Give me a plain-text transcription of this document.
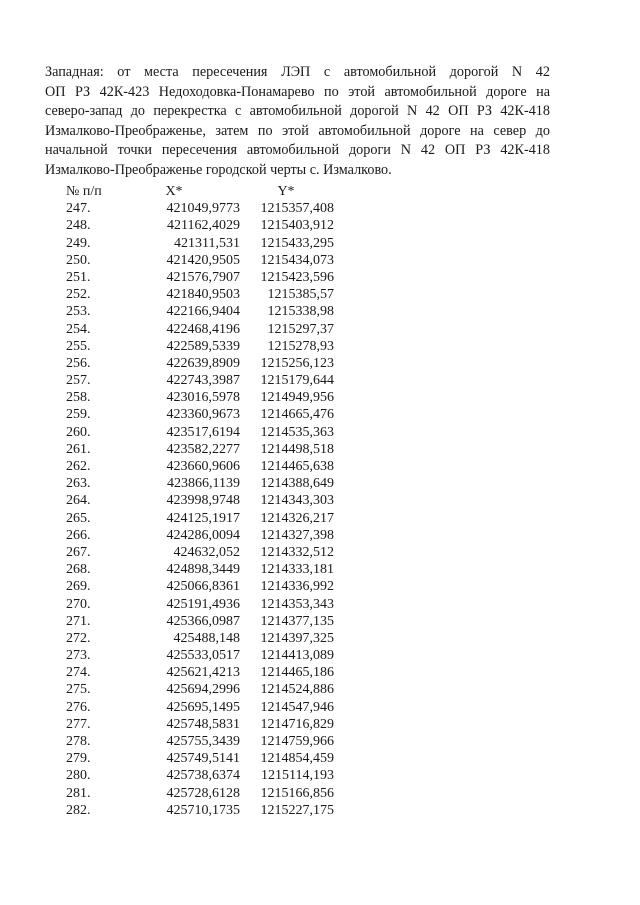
Западная: от места пересечения ЛЭП с автомобильной дорогой N 42
ОП РЗ 42К-423 Недоходовка-Понамарево по этой автомобильной дороге на
северо-запад до перекрестка с автомобильной дорогой N 42 ОП РЗ 42К-418
Измалково-Преображенье, затем по этой автомобильной дороге на север до
начальной точки пересечения автомобильной дороги N 42 ОП РЗ 42К-418
Измалково-Преображенье городской черты с. Измалково.
№ п/п	X*	Y*
247.	421049,9773	1215357,408
248.	421162,4029	1215403,912
249.	421311,531	1215433,295
250.	421420,9505	1215434,073
251.	421576,7907	1215423,596
252.	421840,9503	1215385,57
253.	422166,9404	1215338,98
254.	422468,4196	1215297,37
255.	422589,5339	1215278,93
256.	422639,8909	1215256,123
257.	422743,3987	1215179,644
258.	423016,5978	1214949,956
259.	423360,9673	1214665,476
260.	423517,6194	1214535,363
261.	423582,2277	1214498,518
262.	423660,9606	1214465,638
263.	423866,1139	1214388,649
264.	423998,9748	1214343,303
265.	424125,1917	1214326,217
266.	424286,0094	1214327,398
267.	424632,052	1214332,512
268.	424898,3449	1214333,181
269.	425066,8361	1214336,992
270.	425191,4936	1214353,343
271.	425366,0987	1214377,135
272.	425488,148	1214397,325
273.	425533,0517	1214413,089
274.	425621,4213	1214465,186
275.	425694,2996	1214524,886
276.	425695,1495	1214547,946
277.	425748,5831	1214716,829
278.	425755,3439	1214759,966
279.	425749,5141	1214854,459
280.	425738,6374	1215114,193
281.	425728,6128	1215166,856
282.	425710,1735	1215227,175
